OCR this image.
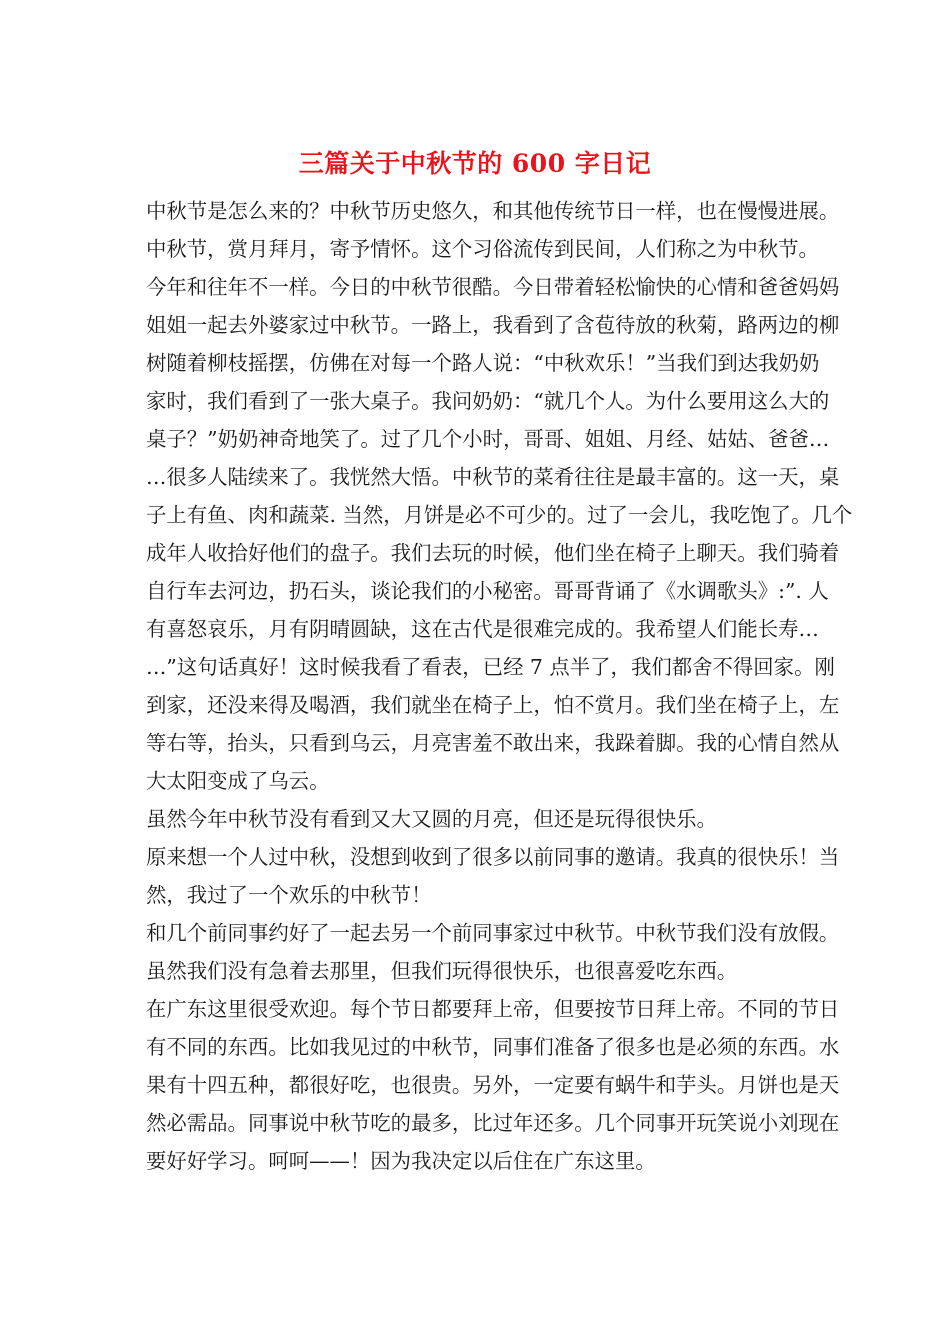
三篇关于中秋节的 600 字日记
中秋节是怎么来的？中秋节历史悠久，和其他传统节日一样，也在慢慢进展。
中秋节，赏月拜月，寄予情怀。这个习俗流传到民间，人们称之为中秋节。
今年和往年不一样。今日的中秋节很酷。今日带着轻松愉快的心情和爸爸妈妈
姐姐一起去外婆家过中秋节。一路上，我看到了含苞待放的秋菊，路两边的柳
树随着柳枝摇摆，仿佛在对每一个路人说：“中秋欢乐！”当我们到达我奶奶
家时，我们看到了一张大桌子。我问奶奶：“就几个人。为什么要用这么大的
桌子？”奶奶神奇地笑了。过了几个小时，哥哥、姐姐、月经、姑姑、爸爸…
…很多人陆续来了。我恍然大悟。中秋节的菜肴往往是最丰富的。这一天，桌
子上有鱼、肉和蔬菜. 当然，月饼是必不可少的。过了一会儿，我吃饱了。几个
成年人收拾好他们的盘子。我们去玩的时候，他们坐在椅子上聊天。我们骑着
自行车去河边，扔石头，谈论我们的小秘密。哥哥背诵了《水调歌头》:”. 人
有喜怒哀乐，月有阴晴圆缺，这在古代是很难完成的。我希望人们能长寿…
…”这句话真好！这时候我看了看表，已经 7 点半了，我们都舍不得回家。刚
到家，还没来得及喝酒，我们就坐在椅子上，怕不赏月。我们坐在椅子上，左
等右等，抬头，只看到乌云，月亮害羞不敢出来，我跺着脚。我的心情自然从
大太阳变成了乌云。
虽然今年中秋节没有看到又大又圆的月亮，但还是玩得很快乐。
原来想一个人过中秋，没想到收到了很多以前同事的邀请。我真的很快乐！当
然，我过了一个欢乐的中秋节！
和几个前同事约好了一起去另一个前同事家过中秋节。中秋节我们没有放假。
虽然我们没有急着去那里，但我们玩得很快乐，也很喜爱吃东西。
在广东这里很受欢迎。每个节日都要拜上帝，但要按节日拜上帝。不同的节日
有不同的东西。比如我见过的中秋节，同事们准备了很多也是必须的东西。水
果有十四五种，都很好吃，也很贵。另外，一定要有蜗牛和芋头。月饼也是天
然必需品。同事说中秋节吃的最多，比过年还多。几个同事开玩笑说小刘现在
要好好学习。呵呵——！因为我决定以后住在广东这里。
